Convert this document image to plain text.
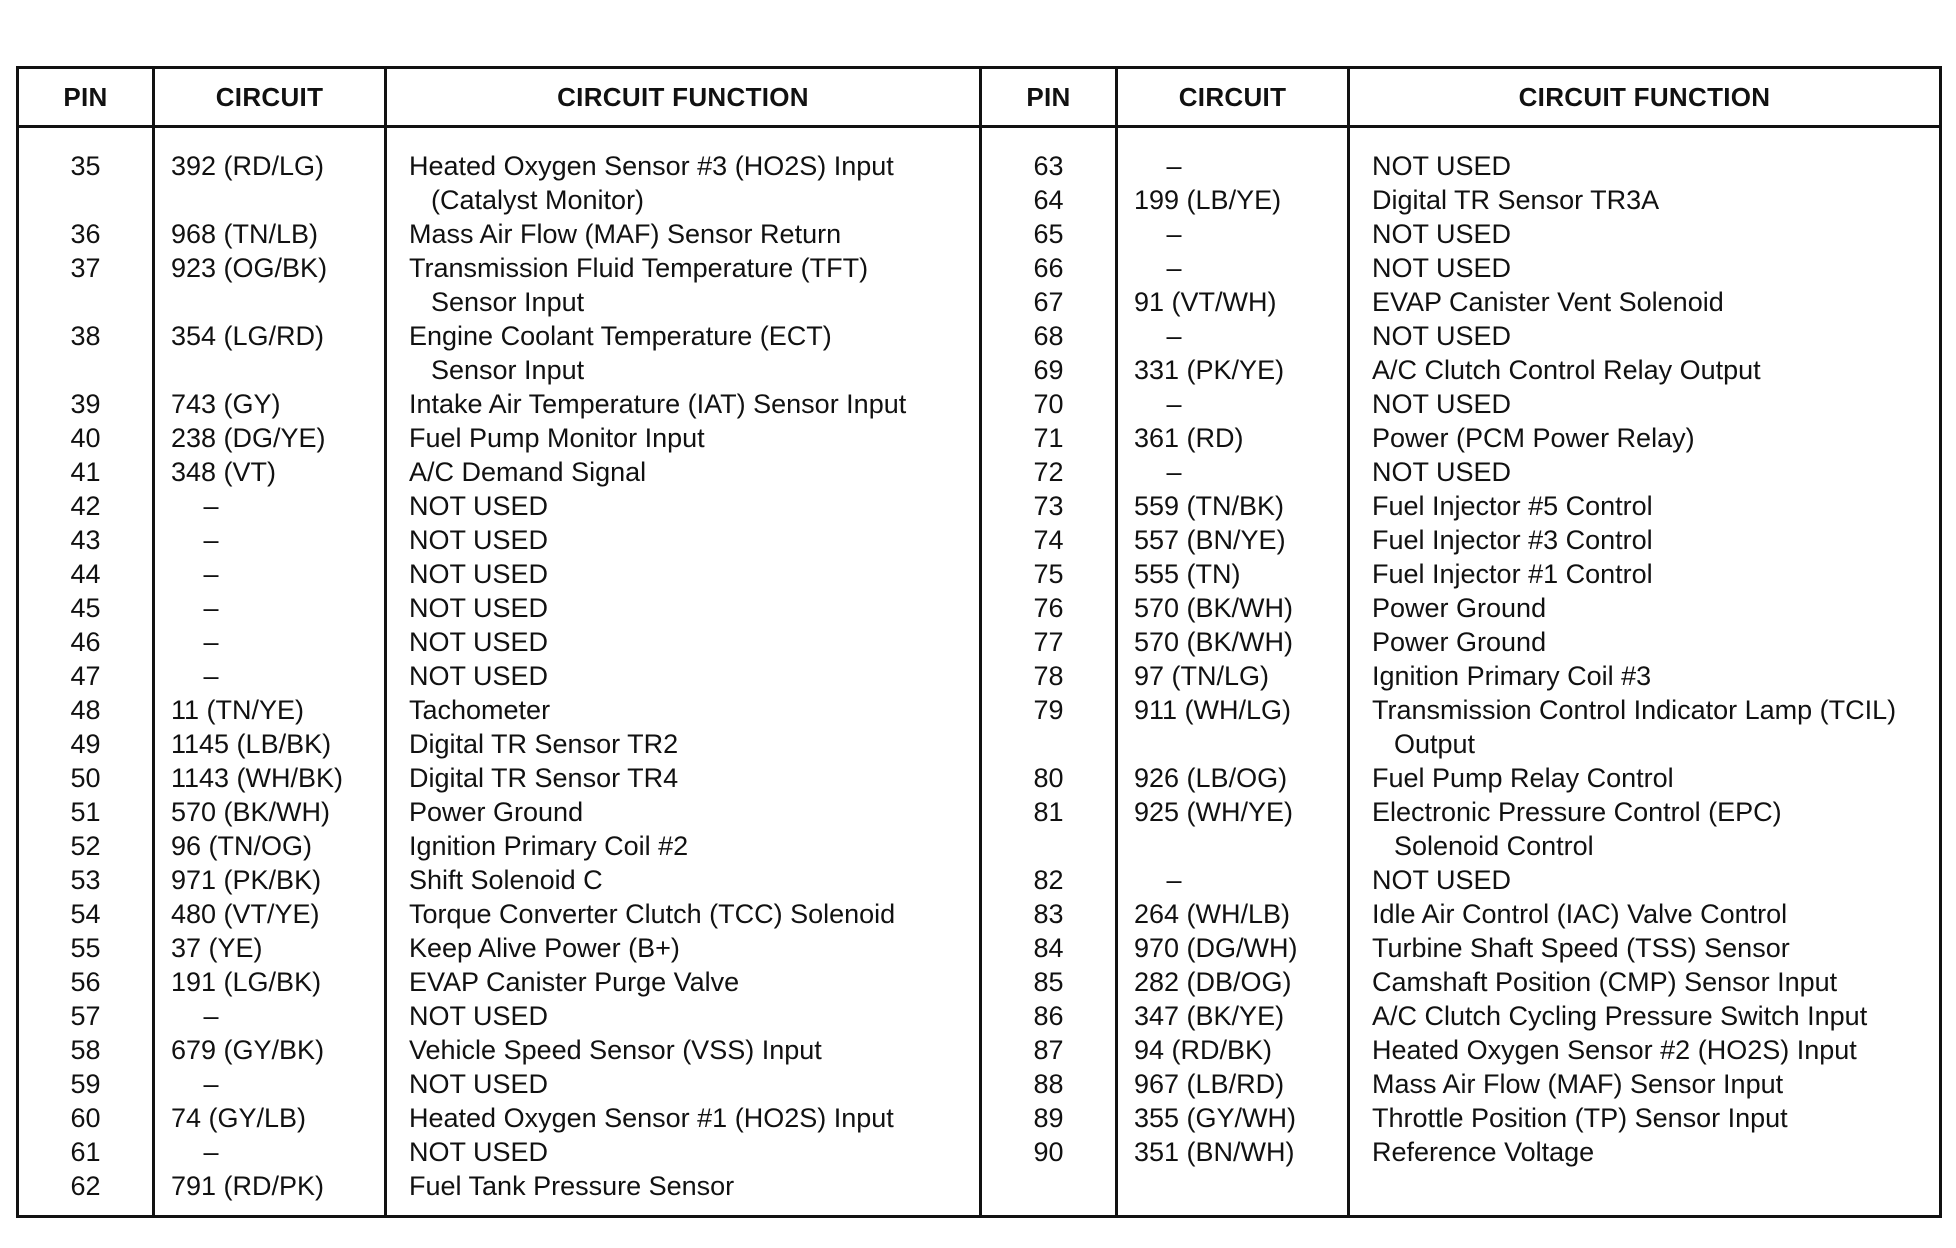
PIN	CIRCUIT	CIRCUIT FUNCTION
35	392 (RD/LG)	Heated Oxygen Sensor #3 (HO2S) Input
(Catalyst Monitor)
36	968 (TN/LB)	Mass Air Flow (MAF) Sensor Return
37	923 (OG/BK)	Transmission Fluid Temperature (TFT)
Sensor Input
38	354 (LG/RD)	Engine Coolant Temperature (ECT)
Sensor Input
39	743 (GY)	Intake Air Temperature (IAT) Sensor Input
40	238 (DG/YE)	Fuel Pump Monitor Input
41	348 (VT)	A/C Demand Signal
42	–	NOT USED
43	–	NOT USED
44	–	NOT USED
45	–	NOT USED
46	–	NOT USED
47	–	NOT USED
48	11 (TN/YE)	Tachometer
49	1145 (LB/BK)	Digital TR Sensor TR2
50	1143 (WH/BK) Digital TR Sensor TR4
51	570 (BK/WH)	Power Ground
52	96 (TN/OG)	Ignition Primary Coil #2
53	971 (PK/BK)	Shift Solenoid C
54	480 (VT/YE)	Torque Converter Clutch (TCC) Solenoid
55	37 (YE)	Keep Alive Power (B+)
56	191 (LG/BK)	EVAP Canister Purge Valve
57	–	NOT USED
58	679 (GY/BK)	Vehicle Speed Sensor (VSS) Input
59	–	NOT USED
60	74 (GY/LB)	Heated Oxygen Sensor #1 (HO2S) Input
61	–	NOT USED
62	791 (RD/PK)	Fuel Tank Pressure Sensor
PIN	CIRCUIT	CIRCUIT FUNCTION
63	–	NOT USED
64	199 (LB/YE)	Digital TR Sensor TR3A
65	–	NOT USED
66	–	NOT USED
67	91 (VT/WH)	EVAP Canister Vent Solenoid
68	–	NOT USED
69	331 (PK/YE)	A/C Clutch Control Relay Output
70	–	NOT USED
71	361 (RD)	Power (PCM Power Relay)
72	–	NOT USED
73	559 (TN/BK)	Fuel Injector #5 Control
74	557 (BN/YE)	Fuel Injector #3 Control
75	555 (TN)	Fuel Injector #1 Control
76	570 (BK/WH)	Power Ground
77	570 (BK/WH)	Power Ground
78	97 (TN/LG)	Ignition Primary Coil #3
79	911 (WH/LG)	Transmission Control Indicator Lamp (TCIL)
Output
80	926 (LB/OG)	Fuel Pump Relay Control
81	925 (WH/YE)	Electronic Pressure Control (EPC)
Solenoid Control
82	–	NOT USED
83	264 (WH/LB)	Idle Air Control (IAC) Valve Control
84	970 (DG/WH)	Turbine Shaft Speed (TSS) Sensor
85	282 (DB/OG)	Camshaft Position (CMP) Sensor Input
86	347 (BK/YE)	A/C Clutch Cycling Pressure Switch Input
87	94 (RD/BK)	Heated Oxygen Sensor #2 (HO2S) Input
88	967 (LB/RD)	Mass Air Flow (MAF) Sensor Input
89	355 (GY/WH)	Throttle Position (TP) Sensor Input
90	351 (BN/WH)	Reference Voltage
